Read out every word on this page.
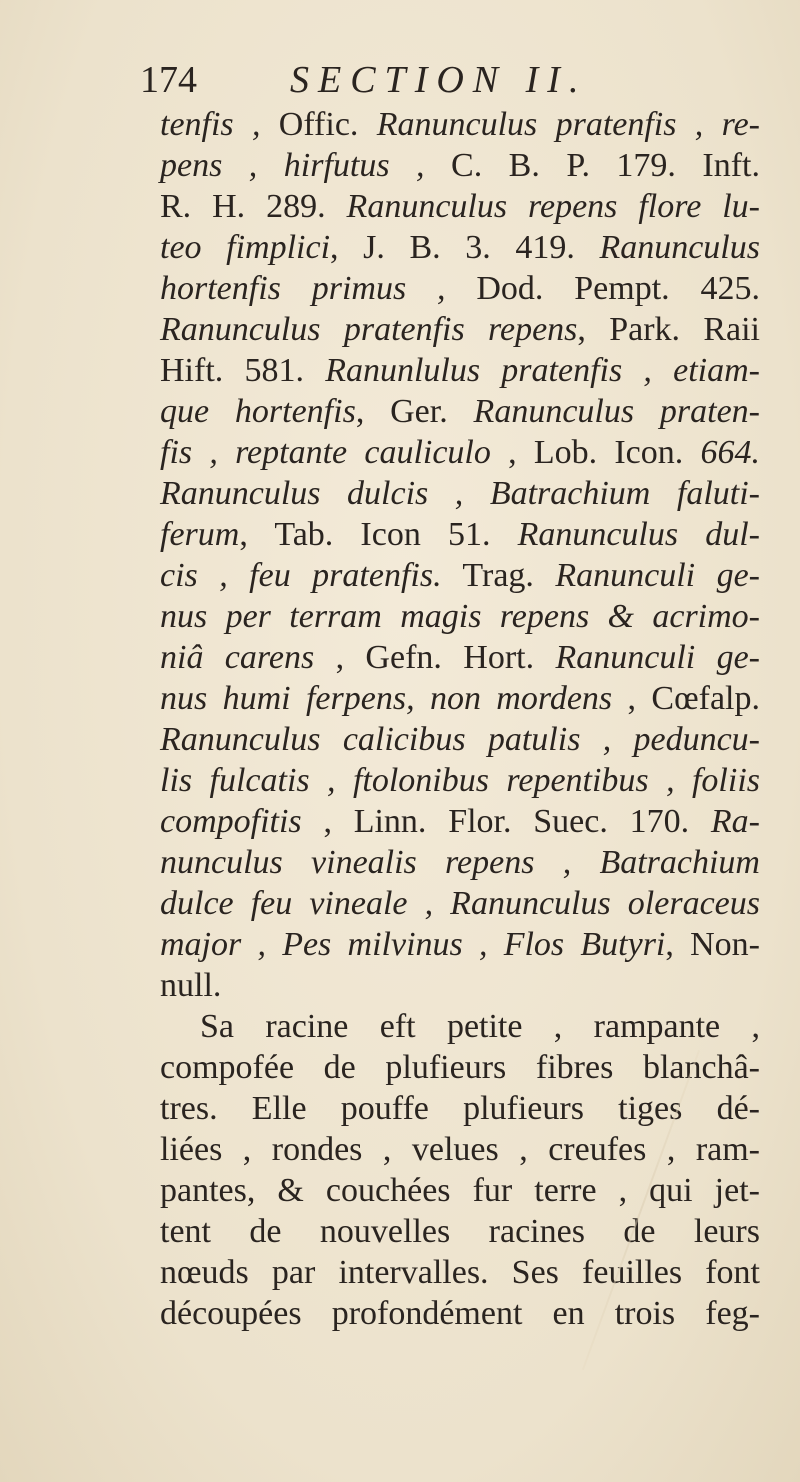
174 SECTION II.
tenfis , Offic. Ranunculus pratenfis , re-
pens , hirfutus , C. B. P. 179. Inft.
R. H. 289. Ranunculus repens flore lu-
teo fimplici, J. B. 3. 419. Ranunculus
hortenfis primus , Dod. Pempt. 425.
Ranunculus pratenfis repens, Park. Raii
Hift. 581. Ranunlulus pratenfis , etiam-
que hortenfis, Ger. Ranunculus praten-
fis , reptante cauliculo , Lob. Icon. 664.
Ranunculus dulcis , Batrachium faluti-
ferum, Tab. Icon 51. Ranunculus dul-
cis , feu pratenfis. Trag. Ranunculi ge-
nus per terram magis repens & acrimo-
niâ carens , Gefn. Hort. Ranunculi ge-
nus humi ferpens, non mordens , Cœfalp.
Ranunculus calicibus patulis , peduncu-
lis fulcatis , ftolonibus repentibus , foliis
compofitis , Linn. Flor. Suec. 170. Ra-
nunculus vinealis repens , Batrachium
dulce feu vineale , Ranunculus oleraceus
major , Pes milvinus , Flos Butyri, Non-
null.
Sa racine eft petite , rampante ,
compofée de plufieurs fibres blanchâ-
tres. Elle pouffe plufieurs tiges dé-
liées , rondes , velues , creufes , ram-
pantes, & couchées fur terre , qui jet-
tent de nouvelles racines de leurs
nœuds par intervalles. Ses feuilles font
découpées profondément en trois feg-
